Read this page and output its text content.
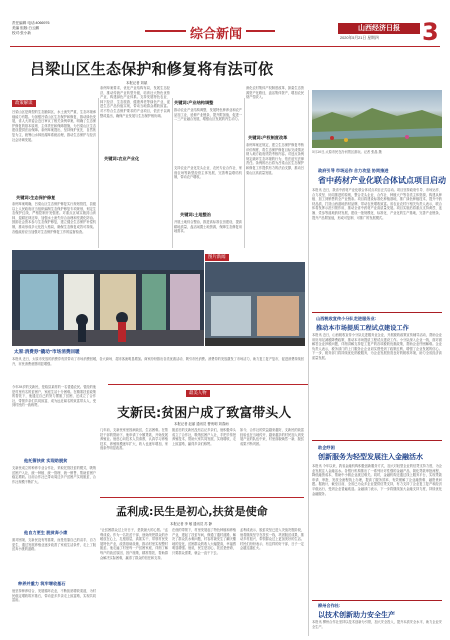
责任编辑 电话:4066976
美编 组版:白云鹏
校对:张小新	综合新闻	山西经济日报
2020年5月21日 星期四	3
吕梁山区生态保护和修复将有法可依
本报记者 刘斌
政策解读
吕梁山区是典型的生态脆弱区，水土流失严重，生态环境承载能力有限。为加强吕梁山区生态保护和修复，推动绿色发展，省人大常委会近日审议了相关条例草案，明确了生态保护修复的基本原则、主体责任和保障措施，为吕梁山区生态建设提供法治保障。条例草案提出，坚持保护优先、自然恢复为主，统筹山水林田湖草系统治理，推动生态保护与经济社会协调发展。
关键词:生态保护修复
条例草案明确，吕梁山区生态保护修复实行规划管控，县级以上人民政府应当组织编制生态保护修复专项规划，划定生态保护红线，严格控制开发强度。对重点区域实施封山育林、退耕还林还草，加强水土流失综合治理和荒漠化防治。鼓励社会资本参与生态保护修复，建立健全生态保护补偿机制，推动形成多元化投入格局，确保生态修复成效可持续。各级政府应当加强对生态保护修复工作的监督检查。
关键词:产业结构调整
条例草案要求，优化产业结构布局，发展生态经济，推动传统产业转型升级，培育壮大特色优势产业，构建绿色产业体系。支持发展特色农业、林下经济、生态旅游、健康养老等绿色产业，促进生态产品价值实现，带动当地群众增收致富。对不符合生态保护要求的产业项目，依法予以调整或退出，确保产业发展与生态保护相协调。
推动农业产业结构调整，发展特色种养业和农产品加工业，延伸产业链条，提升附加值，促进一二三产业融合发展，增强山区发展的内生动力。
关键词:农业产业化
支持农业产业化龙头企业、农民专业合作社、家庭农场等新型经营主体发展，完善利益联结机制，带动农户增收。
关键词:土地整治
开展土地综合整治，推进高标准农田建设，提高耕地质量，盘活闲置土地资源，保障生态修复用地需求。
深化农村集体产权制度改革，探索生态资源资产化路径，盘活集体资产，增加农民财产性收入。
关键词:产权制度改革
条例草案还规定，建立生态保护修复考核评价制度，将生态保护修复目标完成情况纳入地方政府绩效考核内容。对违反条例规定破坏生态环境的行为，依法追究法律责任。条例的出台将为吕梁山区生态保护和修复工作提供有力的法治支撑，推动吕梁山区高质量发展。
5月20日,太原市民在汾河景区游玩。记者 张晶 摄
政府引导 市场运作 合力攻坚 协同推进
省中药材产业化联合体试点项目启动
本报讯 近日，我省中药材产业化联合体试点项目正式启动。项目坚持政府引导、市场运作、合力攻坚、协同推进的原则，整合龙头企业、合作社、种植大户等各类主体资源，构建从种植、加工到销售的全产业链条。项目将建设标准化种植基地，推广绿色种植技术，提升中药材品质，打造山西道地药材品牌，带动农民增收致富。省农业农村厅相关负责人表示，联合体将发挥示范引领作用，推动全省中药材产业高质量发展。项目实施后将重点支持黄芪、连翘、党参等道地药材发展，建设一批规模化、标准化、产业化的生产基地，完善产业链条，提升产品附加值，形成可复制、可推广的发展模式。
山西税收宣传小分队走进服务业:
推动本市场提质工程试点建设工作
本报讯 近日，山西税收宣传小分队走进服务业企业，开展税收政策宣传辅导活动，帮助企业用好用足减税降费政策，推动本市场提质工程试点建设工作。小分队深入企业一线，面对面解答企业涉税问题，详细讲解支持复工复产的各项税收优惠政策，帮助企业纾困解难。企业负责人表示，税务部门的上门服务让企业切实感受到了政策红利，增强了企业发展的信心。下一步，税务部门将持续优化纳税服务，为企业发展营造良好的税收环境，助力全省经济高质量发展。
图片新闻
太原:消费券"撬动"市场消费回暖
本报讯 近日，太原市发放的消费券有效带动了市场消费回暖，各大商场、超市客流明显增加。商家纷纷推出各类优惠活动，吸引市民消费。消费券的发放激发了市场活力，助力复工复产复市，促进消费持续回升，市民消费意愿明显增强。
最美人物
支新民:贫困户成了致富带头人
本报记者 赵丽 通讯员 曹贵明 刘春雨
今年38岁的支新民，是临县某村的一名普通农民。曾经的他是村里有名的贫困户，家庭生活十分困难。在精准扶贫政策的帮扶下，他通过自己的努力摆脱了贫困，还成立了合作社，带领乡亲们共同致富，成为远近闻名的致富带头人，受到村民的一致称赞。
他托管扶贫 实现助脱贫
支新民成立的种养专业合作社，采取托管扶贫的模式，吸纳贫困户入社，统一种植、统一管理、统一销售，帮助贫困户稳定增收。目前合作社已带动周边多户贫困户实现脱贫，合作社规模不断扩大。
他自力更生 脱贫奔小康
面对困境，支新民没有等靠要，而是依靠自己的双手，自力更生，通过发展养殖业逐步改善了家庭生活条件，走上了脱贫奔小康的道路。
种养并重力 筑牢增收基石
他坚持种养结合，发展循环农业，不断拓宽增收渠道，为村民稳定增收筑牢基石，带动更多乡亲走上致富路，实现共同富裕。
几年前，支新民家里因病致贫，生活困难。在帮扶干部的帮助下，他申请了小额贷款，开始发展养殖业。他虚心向技术人员请教，认真学习养殖技术，养殖规模逐年扩大，收入也逐年增加，家庭条件明显改善。
脱贫后的支新民没有忘记乡亲们，他积极牵头成立了合作社，吸纳贫困户入社，手把手传授养殖技术，帮助大家共同发展，实现增收，走上致富路，赢得乡亲们称赞。
如今，合作社的效益越来越好，支新民的致富经验也在当地传开，越来越多的村民加入到发展产业的队伍中来，村里面貌焕然一新，脱贫成果不断巩固。
孟利成:民生是初心,扶贫是使命
本报记者 李 敏 通讯员 苏 静
"让贫困群众过上好日子，是我最大的心愿。"孟利成说。作为一名扶贫干部，他始终把群众的冷暖放在心上，扎根基层，真抓实干，带领村民发展特色产业，改善基础设施，推动村里实现整村脱贫。他走遍了村里每一户贫困家庭，详细了解每户的致贫原因，因户施策，精准帮扶，帮助群众解决实际困难，赢得了群众的信任和支持。
在他的带领下，村里发展起了特色种植和养殖产业，建起了扶贫车间，修通了通村道路，解决了群众饮水难问题，村容村貌发生了翻天覆地的变化，贫困群众的收入大幅提高，幸福感明显增强。他说，民生是初心，扶贫是使命，只要群众需要，就会一直干下去。
孟利成表示，脱贫攻坚已进入决战决胜阶段，他将继续坚守在扶贫一线，巩固脱贫成果，推动乡村振兴，带领群众过上更加美好的生活。村民们纷纷表示，有这样的好干部，日子一定会越过越红火。
助企纾困
创新服务为轻型发展注入金融活水
本报讯 今年以来，我省金融机构积极创新服务方式，加大对轻型企业的信贷支持力度，为企业发展注入金融活水。各银行机构推出了一系列针对性强的金融产品，简化贷款审批流程，降低融资成本，帮助中小微企业渡过难关。同时，金融机构还通过线上服务平台，实现贷款申请、审批、发放全流程线上办理，提高了服务效率，有效缓解了企业融资难、融资贵问题。据统计，截至目前，全省已为众多企业提供信贷支持，有力支持了企业复工复产和经济平稳运行，受到企业普遍欢迎。金融部门表示，下一步将继续加大金融支持力度，持续优化金融服务。
柳州合作社:
以技术创新助力安全生产
本报讯 柳州合作社坚持以技术创新为引领，加大安全投入，提升本质安全水平，助力企业安全生产。
